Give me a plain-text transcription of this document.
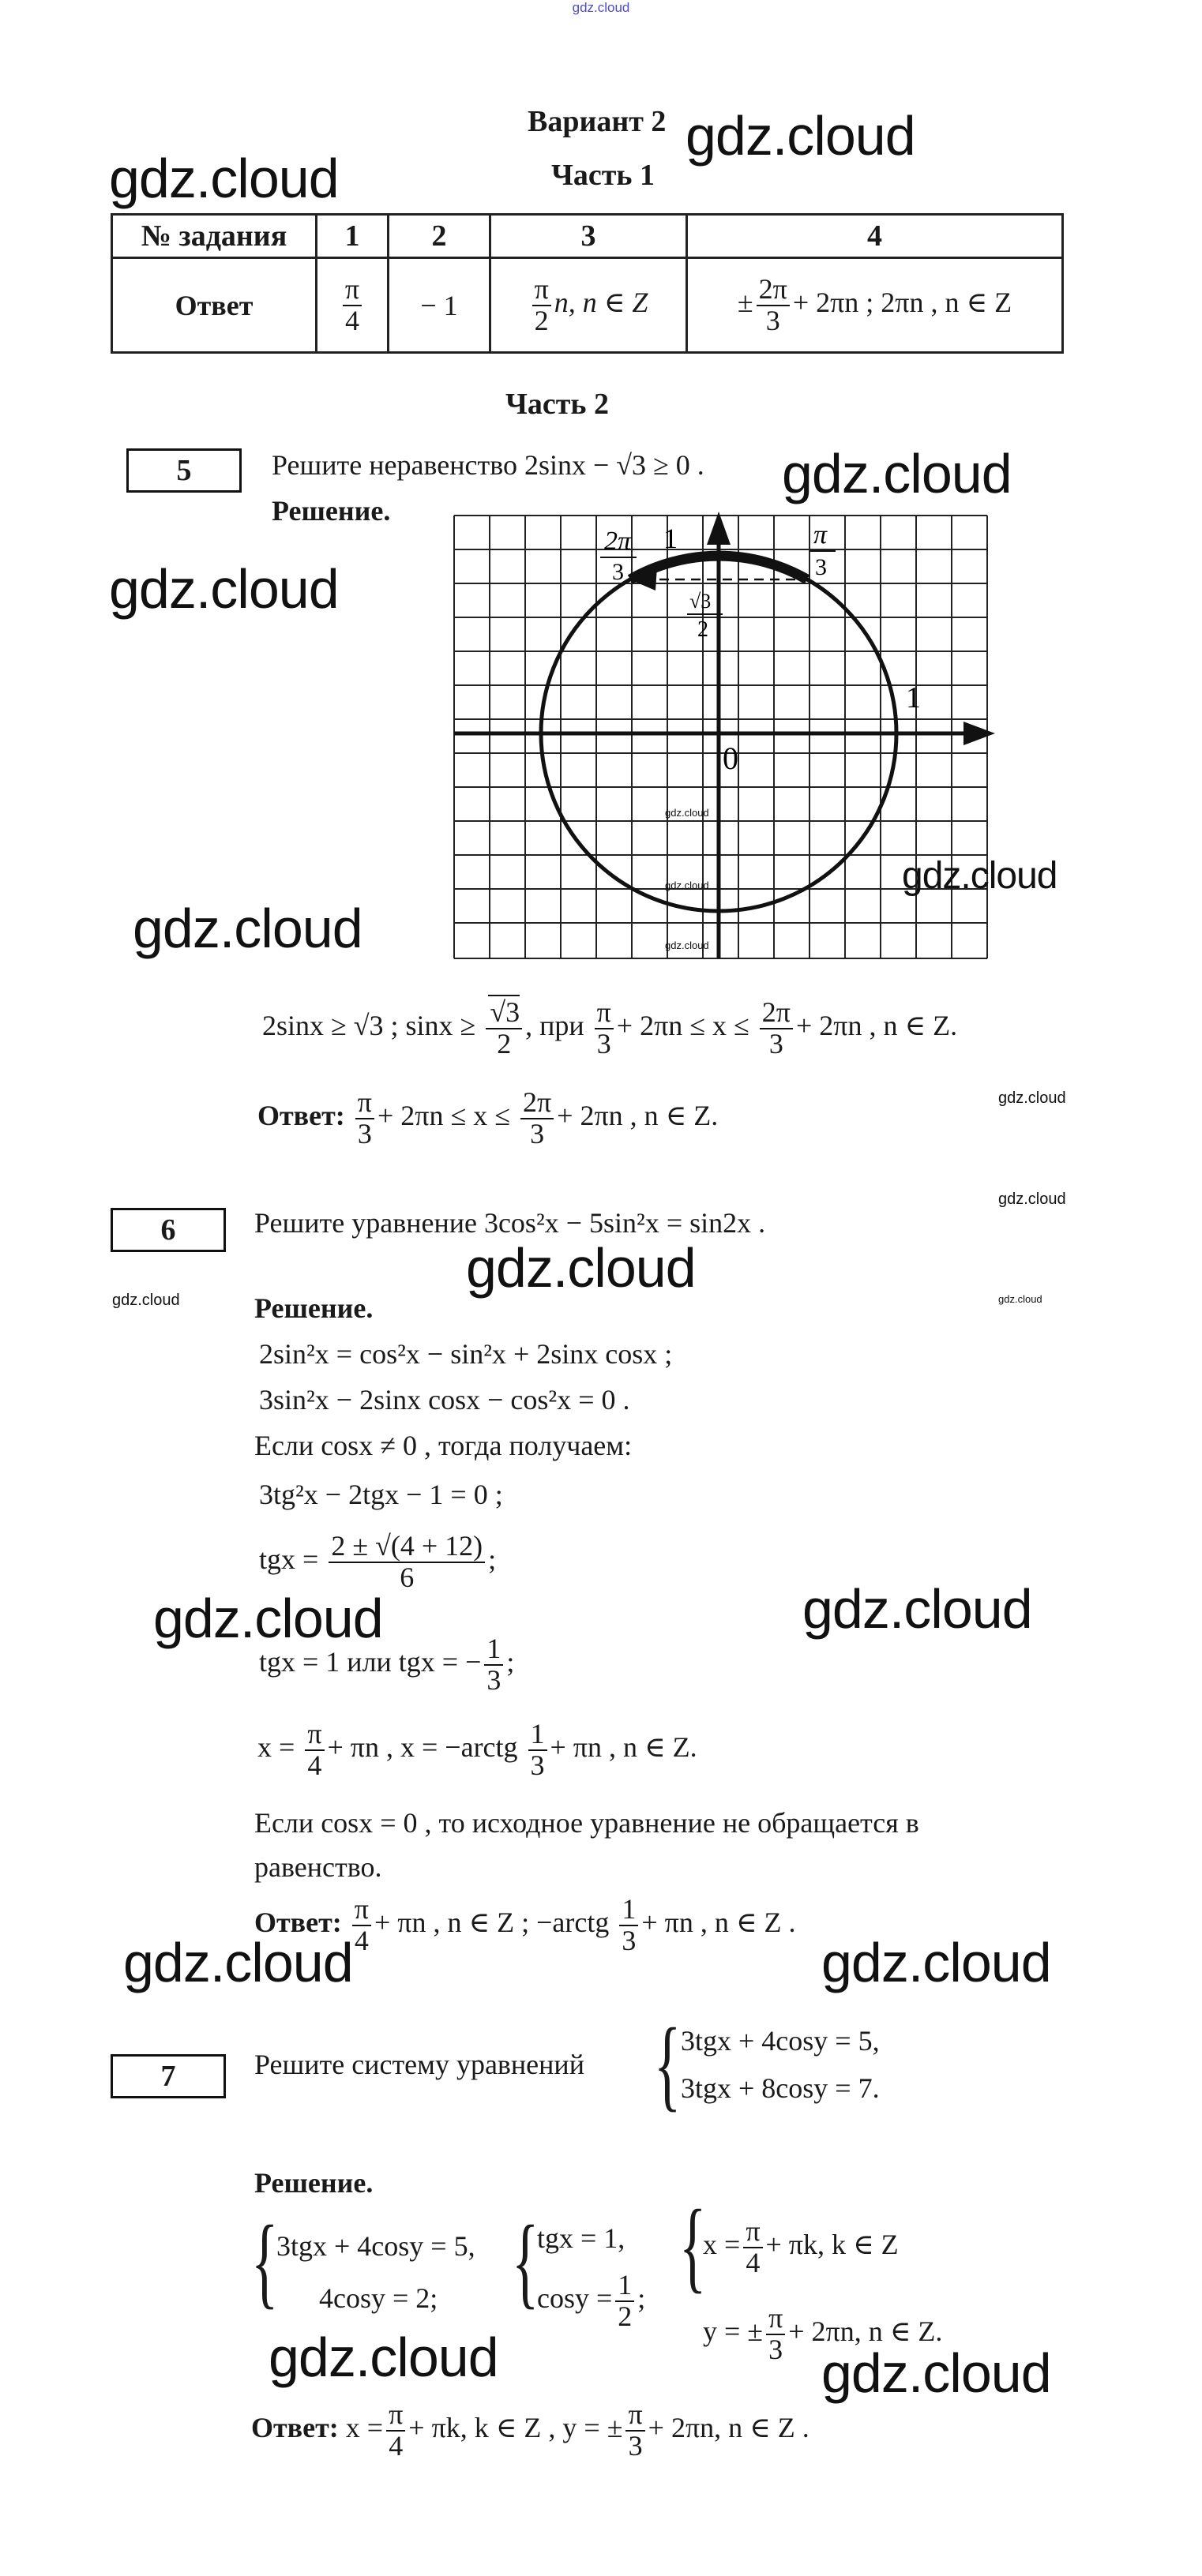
gdz.cloud
Вариант 2
Часть 1
№ задания	1	2	3	4
Ответ	$\frac{\pi}{4}$	− 1	$\frac{\pi}{2} n$, n ∈ Z	± $\frac{2\pi}{3} + 2\pi n$ ; 2πn , n ∈ Z
Часть 2
5	Решите неравенство 2sinx − √3 ≥ 0 .
Решение.
2π
3
1	π
3
√3
2
1
0
2sinx ≥ √3 ; $\sin x \ge \frac{√3}{2}$ , при $\frac{\pi}{3} + 2\pi n \le x \le \frac{2\pi}{3} + 2\pi n$ , n ∈ Z.
Ответ: $\frac{\pi}{3} + 2\pi n \le x \le \frac{2\pi}{3} + 2\pi n$ , n ∈ Z.
6	Решите уравнение 3cos²x − 5sin²x = sin2x .
Решение.
2sin²x = cos²x − sin²x + 2sinx cosx ;
3sin²x − 2sinx cosx − cos²x = 0 .
Если cosx ≠ 0 , тогда получаем:
3tg²x − 2tgx − 1 = 0 ;
tgx = $\frac{2 \pm √(4 + 12)}{6}$ ;
tgx = 1 или tgx = − $\frac{1}{3}$ ;
$x = \frac{\pi}{4} + \pi n$ , x = −arctg $\frac{1}{3} + \pi n$ , n ∈ Z.
Если cosx = 0 , то исходное уравнение не обращается в
равенство.
Ответ: $\frac{\pi}{4} + \pi n$ , n ∈ Z ; −arctg $\frac{1}{3} + \pi n$ , n ∈ Z .
7	Решите систему уравнений { 3tgx + 4cosy = 5,
3tgx + 8cosy = 7.
Решение.
{
3tgx + 4cosy = 5,
4cosy = 2; {
tgx = 1,
$\cos y = \frac{1}{2}$ ; {
$x = \frac{\pi}{4} + \pi k$, k ∈ Z
y = ± $\frac{\pi}{3} + 2\pi n$, n ∈ Z.
Ответ: $x = \frac{\pi}{4} + \pi k$, k ∈ Z , y = ± $\frac{\pi}{3} + 2\pi n$, n ∈ Z .
gdz.cloud
gdz.cloud
gdz.cloud
gdz.cloud
gdz.cloud
gdz.cloud
gdz.cloud
gdz.cloud	gdz.cloud
gdz.cloud	gdz.cloud
gdz.cloud	gdz.cloud
gdz.cloud
gdz.cloud
gdz.cloud	gdz.cloud
gdz.cloud
gdz.cloud
gdz.cloud
